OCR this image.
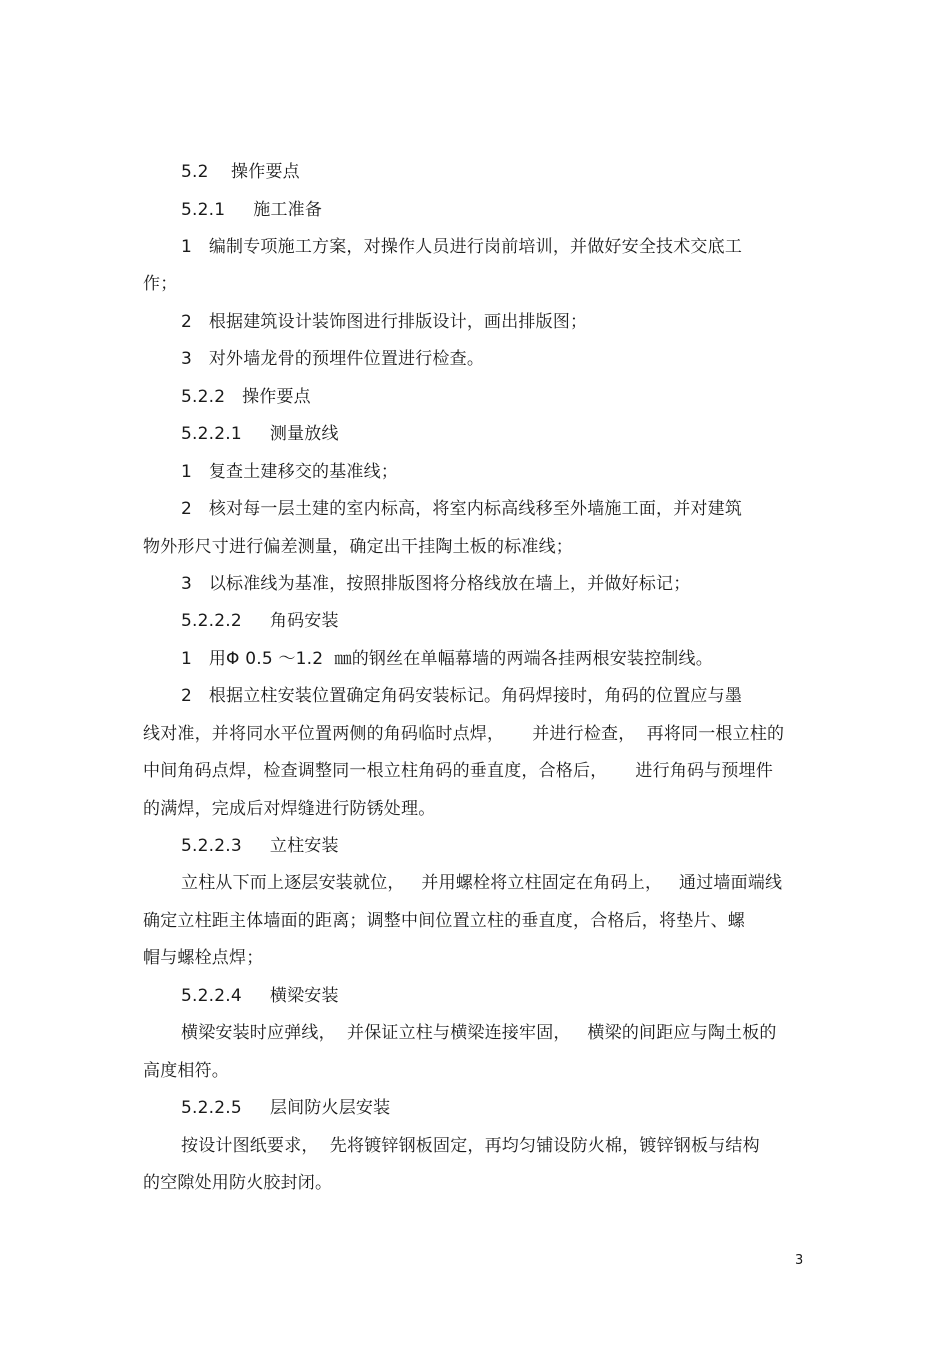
5.2    操作要点
5.2.1     施工准备
1   编制专项施工方案，对操作人员进行岗前培训，并做好安全技术交底工
作；
2   根据建筑设计装饰图进行排版设计，画出排版图；
3   对外墙龙骨的预埋件位置进行检查。
5.2.2   操作要点
5.2.2.1     测量放线
1   复查土建移交的基准线；
2   核对每一层土建的室内标高，将室内标高线移至外墙施工面，并对建筑
物外形尺寸进行偏差测量，确定出干挂陶土板的标准线；
3   以标准线为基准，按照排版图将分格线放在墙上，并做好标记；
5.2.2.2     角码安装
1   用Φ 0.5 ～1.2  ㎜的钢丝在单幅幕墙的两端各挂两根安装控制线。
2   根据立柱安装位置确定角码安装标记。角码焊接时，角码的位置应与墨
线对准，并将同水平位置两侧的角码临时点焊，     并进行检查，  再将同一根立柱的
中间角码点焊，检查调整同一根立柱角码的垂直度，合格后，     进行角码与预埋件
的满焊，完成后对焊缝进行防锈处理。
5.2.2.3     立柱安装
立柱从下而上逐层安装就位，   并用螺栓将立柱固定在角码上，   通过墙面端线
确定立柱距主体墙面的距离；调整中间位置立柱的垂直度，合格后，将垫片、螺
帽与螺栓点焊；
5.2.2.4     横梁安装
横梁安装时应弹线，  并保证立柱与横梁连接牢固，   横梁的间距应与陶土板的
高度相符。
5.2.2.5     层间防火层安装
按设计图纸要求，  先将镀锌钢板固定，再均匀铺设防火棉，镀锌钢板与结构
的空隙处用防火胶封闭。
3
